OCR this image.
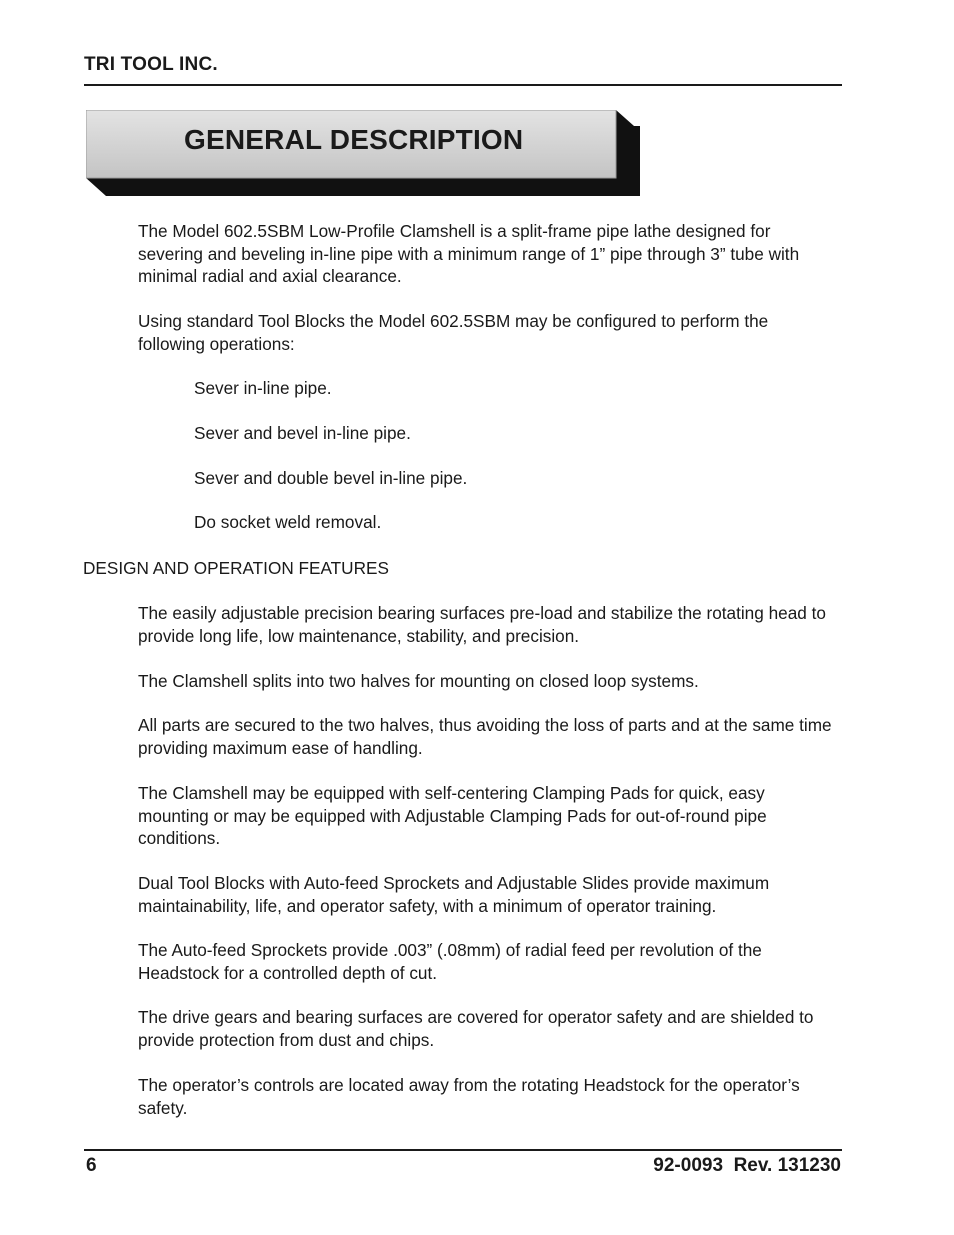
TRI TOOL INC.
GENERAL DESCRIPTION

The Model 602.5SBM Low-Profile Clamshell is a split-frame pipe lathe designed for severing and beveling in-line pipe with a minimum range of 1” pipe through 3” tube with minimal radial and axial clearance.

Using standard Tool Blocks the Model 602.5SBM may be configured to perform the following operations:

Sever in-line pipe.

Sever and bevel in-line pipe.

Sever and double bevel in-line pipe.

Do socket weld removal.

DESIGN AND OPERATION FEATURES

The easily adjustable precision bearing surfaces pre-load and stabilize the rotating head to provide long life, low maintenance, stability, and precision.

The Clamshell splits into two halves for mounting on closed loop systems.

All parts are secured to the two halves, thus avoiding the loss of parts and at the same time providing maximum ease of handling.

The Clamshell may be equipped with self-centering Clamping Pads for quick, easy mounting or may be equipped with Adjustable Clamping Pads for out-of-round pipe conditions.

Dual Tool Blocks with Auto-feed Sprockets and Adjustable Slides provide maximum maintainability, life, and operator safety, with a minimum of operator training.

The Auto-feed Sprockets provide .003” (.08mm) of radial feed per revolution of the Headstock for a controlled depth of cut.

The drive gears and bearing surfaces are covered for operator safety and are shielded to provide protection from dust and chips.

The operator’s controls are located away from the rotating Headstock for the operator’s safety.

6	92-0093  Rev. 131230
